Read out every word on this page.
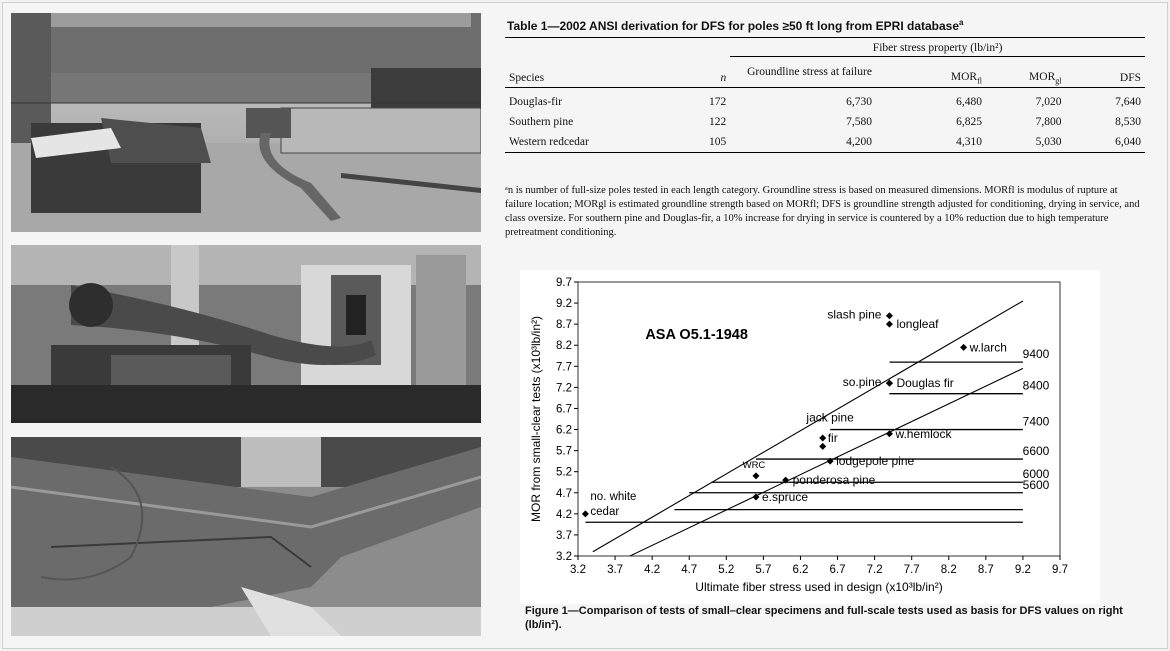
Table 1—2002 ANSI derivation for DFS for poles ≥50 ft long from EPRI database$^a$
		Fiber stress property (lb/in²)			
Species	n	Groundline stress at failure	$MOR_{fl}$	$MOR_{gl}$	DFS
Douglas-fir	172	6,730	6,480	7,020	7,640
Southern pine	122	7,580	6,825	7,800	8,530
Western redcedar	105	4,200	4,310	5,030	6,040
ᵃn is number of full-size poles tested in each length category. Groundline stress is based on measured dimensions. MORfl is modulus of rupture at failure location; MORgl is estimated groundline strength based on MORfl; DFS is groundline strength adjusted for conditioning, drying in service, and class oversize. For southern pine and Douglas-fir, a 10% increase for drying in service is countered by a 10% reduction due to high temperature pretreatment conditioning.
3.2 3.7 4.2 4.7 5.2 5.7 6.2 6.7 7.2 7.7 8.2 8.7 9.2 9.7
3.2
3.7
4.2
4.7
5.2
5.7
6.2
6.7
7.2
7.7
8.2
8.7
9.2
9.7
Ultimate fiber stress used in design (x10³lb/in²)
MOR from small-clear tests (x10³lb/in²)	ASA O5.1-1948
9400
8400
7400
6600
6000
5600
slash pine
longleaf
w.larch
so.pine Douglas fir
fir	w.hemlock
lodgepole pine
WRC
ponderosa pine
e.spruce
no. white
cedar
jack pine
Figure 1—Comparison of tests of small–clear specimens and full-scale tests used as basis for DFS values on right (lb/in²).
